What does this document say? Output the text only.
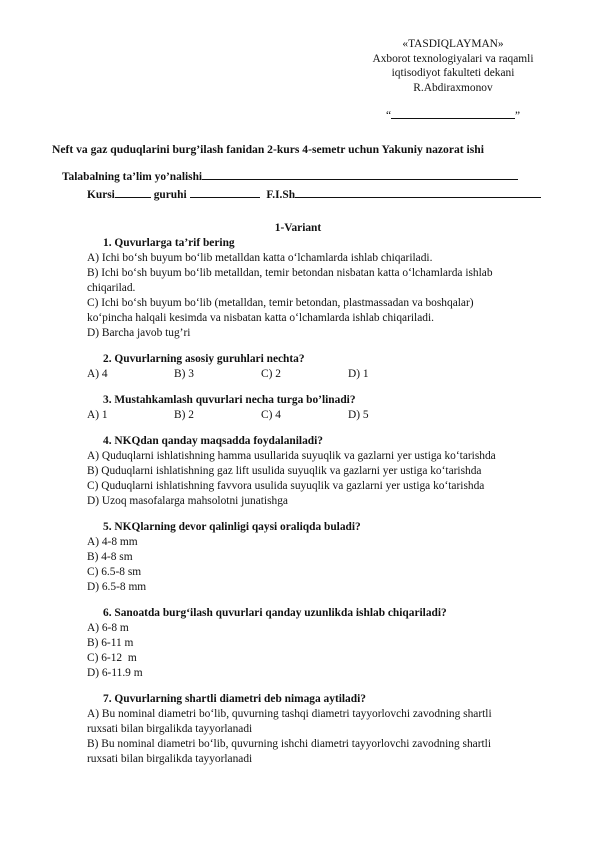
«TASDIQLAYMAN»
Axborot texnologiyalari va raqamli
iqtisodiyot fakulteti dekani
R.Abdiraxmonov
“	”
Neft va gaz quduqlarini burg’ilash fanidan 2-kurs 4-semetr uchun Yakuniy nazorat ishi
Talabalning ta’lim yo’nalishi
Kursi	guruhi	F.I.Sh
1-Variant
1. Quvurlarga ta’rif bering
A) Ichi bo‘sh buyum bo‘lib metalldan katta o‘lchamlarda ishlab chiqariladi.
B) Ichi bo‘sh buyum bo‘lib metalldan, temir betondan nisbatan katta o‘lchamlarda ishlab
chiqarilad.
C) Ichi bo‘sh buyum bo‘lib (metalldan, temir betondan, plastmassadan va boshqalar)
ko‘pincha halqali kesimda va nisbatan katta o‘lchamlarda ishlab chiqariladi.
D) Barcha javob tug’ri
2. Quvurlarning asosiy guruhlari nechta?
A) 4	B) 3	C) 2	D) 1
3. Mustahkamlash quvurlari necha turga bo’linadi?
A) 1	B) 2	C) 4	D) 5
4. NKQdan qanday maqsadda foydalaniladi?
A) Quduqlarni ishlatishning hamma usullarida suyuqlik va gazlarni yer ustiga ko‘tarishda
B) Quduqlarni ishlatishning gaz lift usulida suyuqlik va gazlarni yer ustiga ko‘tarishda
C) Quduqlarni ishlatishning favvora usulida suyuqlik va gazlarni yer ustiga ko‘tarishda
D) Uzoq masofalarga mahsolotni junatishga
5. NKQlarning devor qalinligi qaysi oraliqda buladi?
A) 4-8 mm
B) 4-8 sm
C) 6.5-8 sm
D) 6.5-8 mm
6. Sanoatda burg‘ilash quvurlari qanday uzunlikda ishlab chiqariladi?
A) 6-8 m
B) 6-11 m
C) 6-12  m
D) 6-11.9 m
7. Quvurlarning shartli diametri deb nimaga aytiladi?
A) Bu nominal diametri bo‘lib, quvurning tashqi diametri tayyorlovchi zavodning shartli
ruxsati bilan birgalikda tayyorlanadi
B) Bu nominal diametri bo‘lib, quvurning ishchi diametri tayyorlovchi zavodning shartli
ruxsati bilan birgalikda tayyorlanadi
